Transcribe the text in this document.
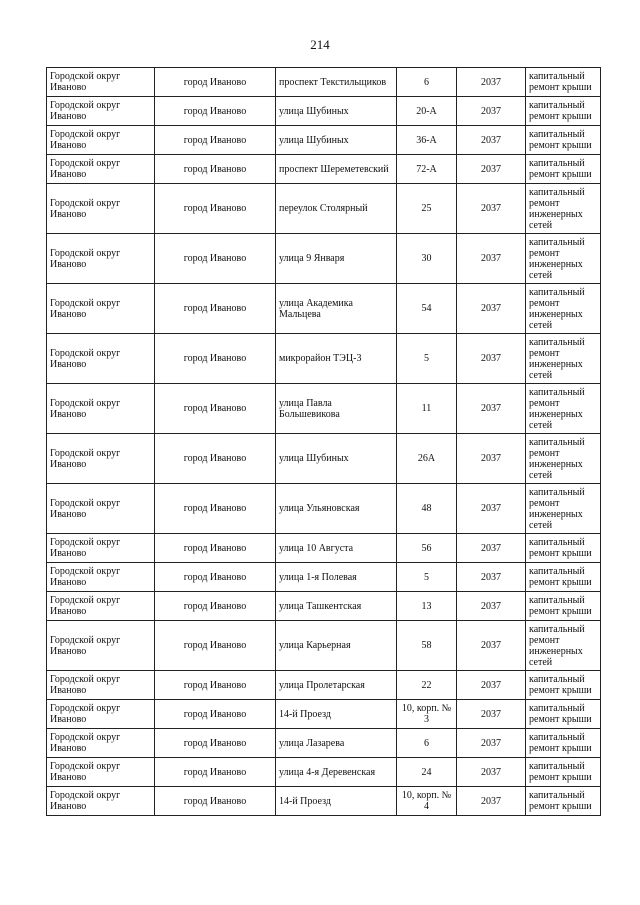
214
Городской округ Иваново	город Иваново	проспект Текстильщиков	6	2037	капитальный ремонт крыши
Городской округ Иваново	город Иваново	улица Шубиных	20-А	2037	капитальный ремонт крыши
Городской округ Иваново	город Иваново	улица Шубиных	36-А	2037	капитальный ремонт крыши
Городской округ Иваново	город Иваново	проспект Шереметевский	72-А	2037	капитальный ремонт крыши
Городской округ Иваново	город Иваново	переулок Столярный	25	2037	капитальный ремонт инженерных сетей
Городской округ Иваново	город Иваново	улица 9 Января	30	2037	капитальный ремонт инженерных сетей
Городской округ Иваново	город Иваново	улица Академика Мальцева	54	2037	капитальный ремонт инженерных сетей
Городской округ Иваново	город Иваново	микрорайон ТЭЦ-3	5	2037	капитальный ремонт инженерных сетей
Городской округ Иваново	город Иваново	улица Павла Большевикова	11	2037	капитальный ремонт инженерных сетей
Городской округ Иваново	город Иваново	улица Шубиных	26А	2037	капитальный ремонт инженерных сетей
Городской округ Иваново	город Иваново	улица Ульяновская	48	2037	капитальный ремонт инженерных сетей
Городской округ Иваново	город Иваново	улица 10 Августа	56	2037	капитальный ремонт крыши
Городской округ Иваново	город Иваново	улица 1-я Полевая	5	2037	капитальный ремонт крыши
Городской округ Иваново	город Иваново	улица Ташкентская	13	2037	капитальный ремонт крыши
Городской округ Иваново	город Иваново	улица Карьерная	58	2037	капитальный ремонт инженерных сетей
Городской округ Иваново	город Иваново	улица Пролетарская	22	2037	капитальный ремонт крыши
Городской округ Иваново	город Иваново	14-й Проезд	10, корп. № 3	2037	капитальный ремонт крыши
Городской округ Иваново	город Иваново	улица Лазарева	6	2037	капитальный ремонт крыши
Городской округ Иваново	город Иваново	улица 4-я Деревенская	24	2037	капитальный ремонт крыши
Городской округ Иваново	город Иваново	14-й Проезд	10, корп. № 4	2037	капитальный ремонт крыши
